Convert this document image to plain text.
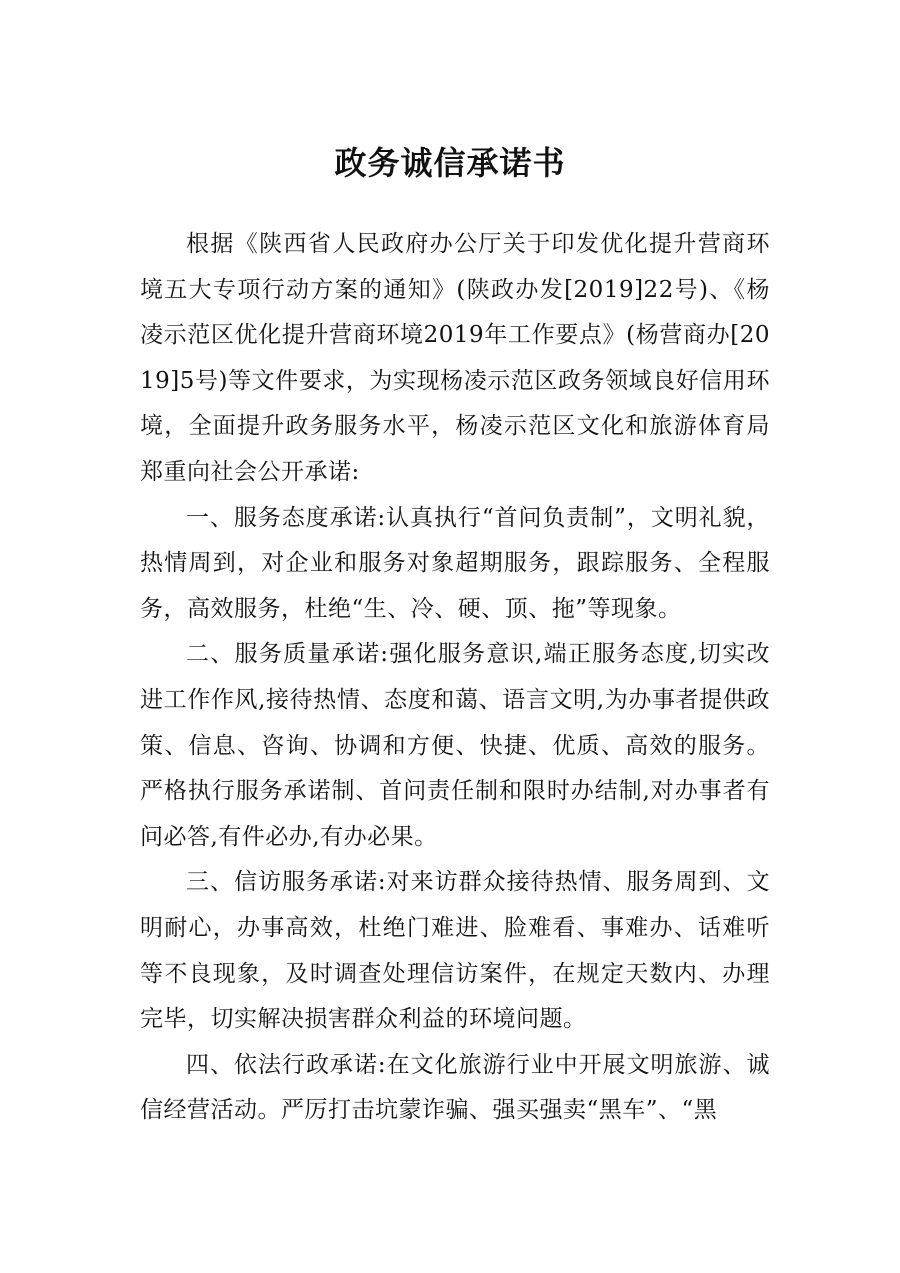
政务诚信承诺书

根据《陕西省人民政府办公厅关于印发优化提升营商环境五大专项行动方案的通知》(陕政办发[2019]22号)、《杨凌示范区优化提升营商环境2019年工作要点》(杨营商办[2019]5号)等文件要求，为实现杨凌示范区政务领域良好信用环境，全面提升政务服务水平，杨凌示范区文化和旅游体育局郑重向社会公开承诺:

一、服务态度承诺:认真执行“首问负责制”，文明礼貌，热情周到，对企业和服务对象超期服务，跟踪服务、全程服务，高效服务，杜绝“生、冷、硬、顶、拖”等现象。

二、服务质量承诺:强化服务意识,端正服务态度,切实改进工作作风,接待热情、态度和蔼、语言文明,为办事者提供政策、信息、咨询、协调和方便、快捷、优质、高效的服务。严格执行服务承诺制、首问责任制和限时办结制,对办事者有问必答,有件必办,有办必果。

三、信访服务承诺:对来访群众接待热情、服务周到、文明耐心，办事高效，杜绝门难进、脸难看、事难办、话难听等不良现象，及时调查处理信访案件，在规定天数内、办理完毕，切实解决损害群众利益的环境问题。

四、依法行政承诺:在文化旅游行业中开展文明旅游、诚信经营活动。严厉打击坑蒙诈骗、强买强卖“黑车”、“黑
